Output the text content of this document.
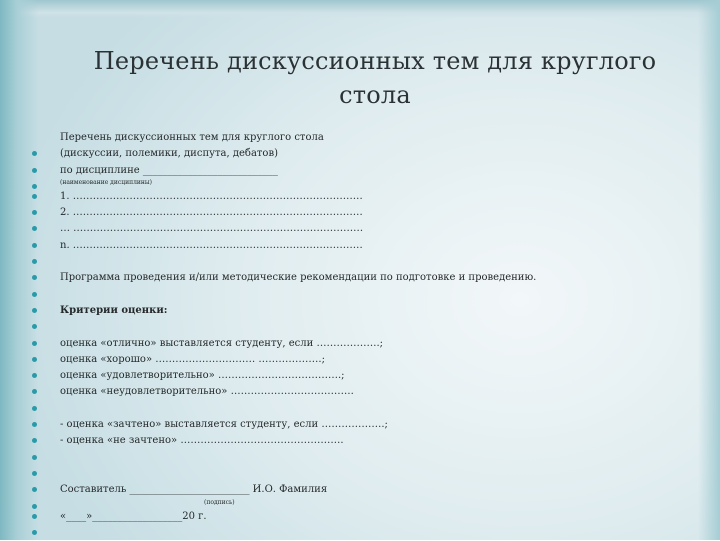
Перечень дискуссионных тем для круглого стола
Перечень дискуссионных тем для круглого стола
(дискуссии, полемики, диспута, дебатов)
по дисциплине ___________________________
(наименование дисциплины)
1. ……………………………………………………………………………
2. ……………………………………………………………………………
… ……………………………………………………………………………
n. ……………………………………………………………………………
Программа проведения и/или методические рекомендации по подготовке и проведению.
Критерии оценки:
оценка «отлично» выставляется студенту, если ……………….;
оценка «хорошо» ………………………… ……………….;
оценка «удовлетворительно» ……………………………….;
оценка «неудовлетворительно» ……………………………….
- оценка «зачтено» выставляется студенту, если ……………….;
- оценка «не зачтено» ………………………………………….
Составитель ________________________ И.О. Фамилия
(подпись)
«____»__________________20 г.
